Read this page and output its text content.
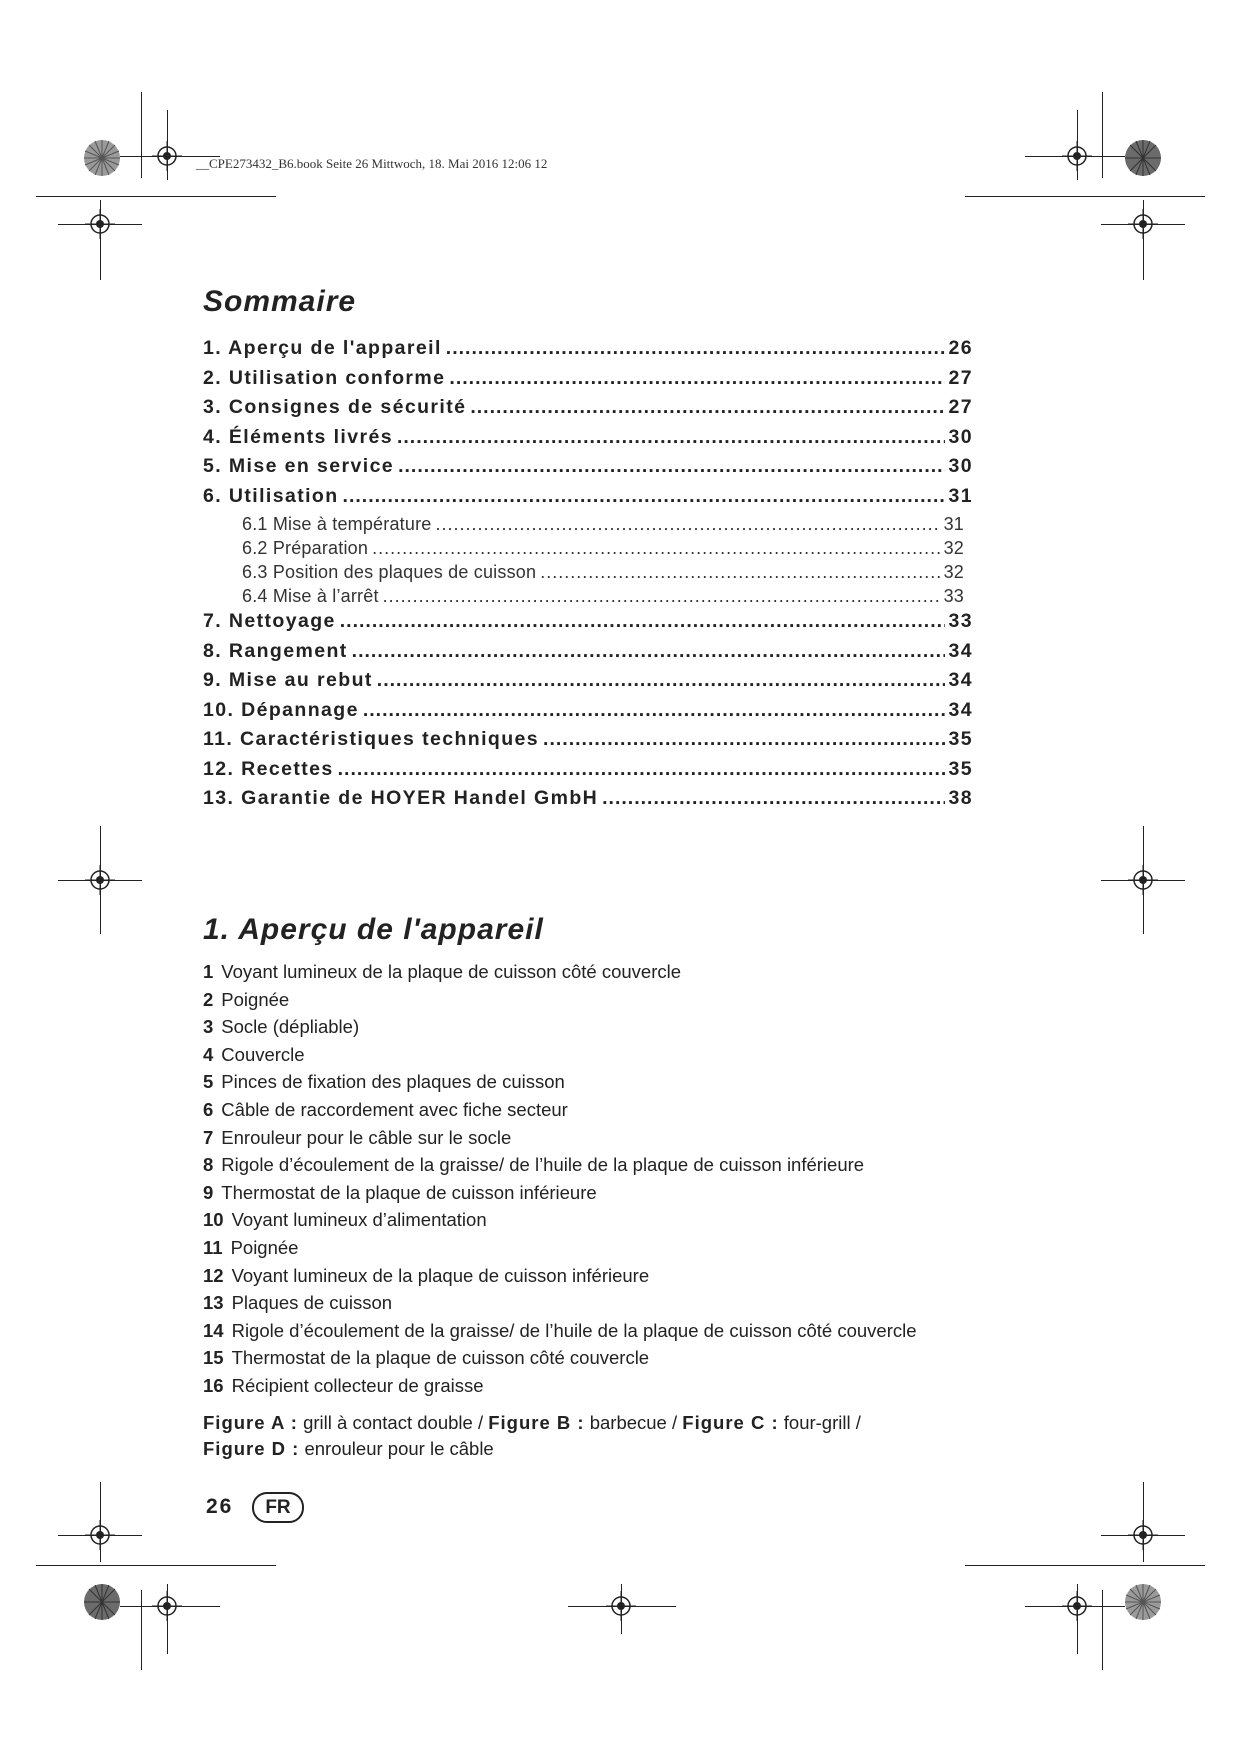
__CPE273432_B6.book Seite 26 Mittwoch, 18. Mai 2016 12:06 12
Sommaire
1. Aperçu de l'appareil .....	26
2. Utilisation conforme .....	27
3. Consignes de sécurité .....	27
4. Éléments livrés .....	30
5. Mise en service .....	30
6. Utilisation .....	31
6.1 Mise à température .....	31
6.2 Préparation .....	32
6.3 Position des plaques de cuisson .....	32
6.4 Mise à l’arrêt .....	33
7. Nettoyage .....	33
8. Rangement .....	34
9. Mise au rebut .....	34
10. Dépannage .....	34
11. Caractéristiques techniques .....	35
12. Recettes .....	35
13. Garantie de HOYER Handel GmbH .....	38
1. Aperçu de l'appareil
1 Voyant lumineux de la plaque de cuisson côté couvercle
2 Poignée
3 Socle (dépliable)
4 Couvercle
5 Pinces de fixation des plaques de cuisson
6 Câble de raccordement avec fiche secteur
7 Enrouleur pour le câble sur le socle
8 Rigole d’écoulement de la graisse/ de l’huile de la plaque de cuisson inférieure
9 Thermostat de la plaque de cuisson inférieure
10 Voyant lumineux d’alimentation
11 Poignée
12 Voyant lumineux de la plaque de cuisson inférieure
13 Plaques de cuisson
14 Rigole d’écoulement de la graisse/ de l’huile de la plaque de cuisson côté couvercle
15 Thermostat de la plaque de cuisson côté couvercle
16 Récipient collecteur de graisse
Figure A : grill à contact double / Figure B : barbecue / Figure C : four-grill /
Figure D : enrouleur pour le câble
26	FR
